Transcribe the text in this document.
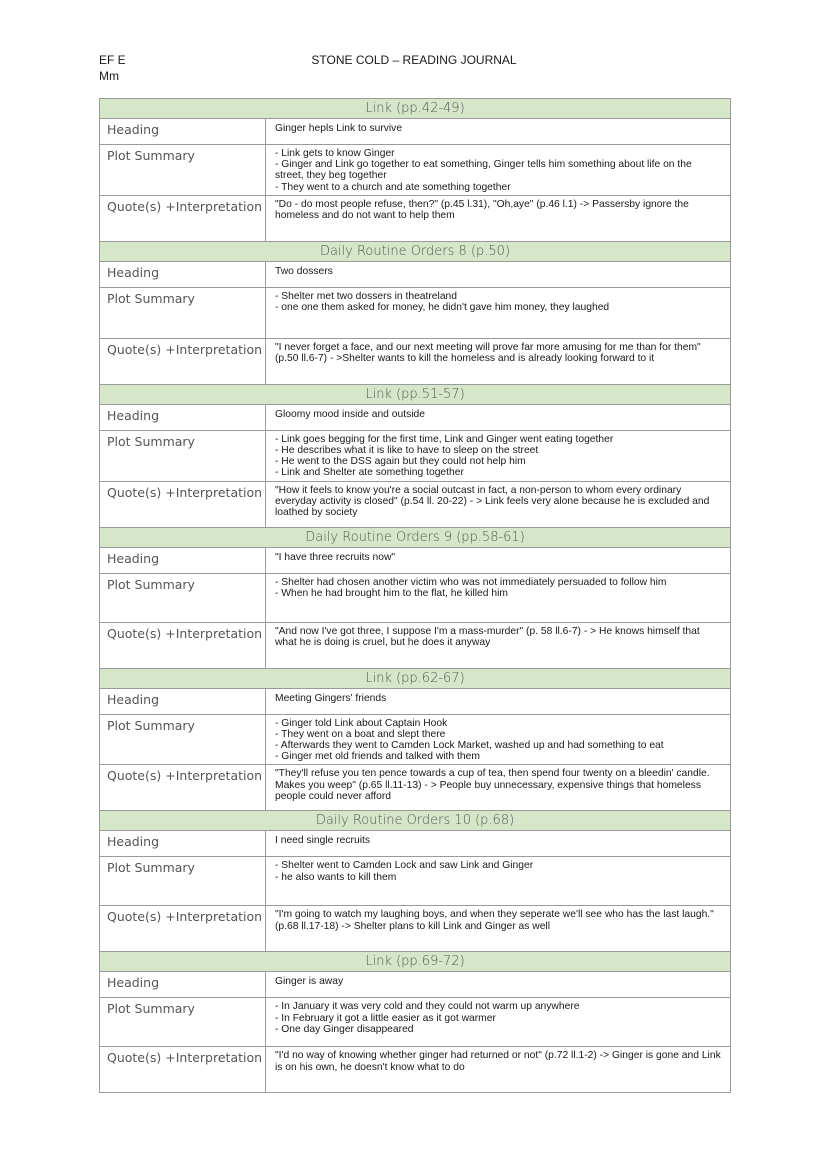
EF E
Mm
STONE COLD – READING JOURNAL
Link (pp.42-49)	
Heading	Ginger hepls Link to survive

Plot Summary	- Link gets to know Ginger
- Ginger and Link go together to eat something, Ginger tells him something about life on the street, they beg together
- They went to a church and ate something together

Quote(s) +Interpretation	"Do - do most people refuse, then?" (p.45 l.31), "Oh,aye" (p.46 l.1) -> Passersby ignore the homeless and do not want to help them

Daily Routine Orders 8 (p.50)	
Heading	Two dossers

Plot Summary	- Shelter met two dossers in theatreland
- one one them asked for money, he didn't gave him money, they laughed

Quote(s) +Interpretation	"I never forget a face, and our next meeting will prove far more amusing for me than for them" (p.50 ll.6-7) - >Shelter wants to kill the homeless and is already looking forward to it

Link (pp.51-57)	
Heading	Gloomy mood inside and outside

Plot Summary	- Link goes begging for the first time, Link and Ginger went eating together
- He describes what it is like to have to sleep on the street
- He went to the DSS again but they could not help him
- Link and Shelter ate something together

Quote(s) +Interpretation	"How it feels to know you're a social outcast in fact, a non-person to whom every ordinary everyday activity is closed" (p.54 ll. 20-22) - > Link feels very alone because he is excluded and loathed by society

Daily Routine Orders 9 (pp.58-61)	
Heading	"I have three recruits now"

Plot Summary	- Shelter had chosen another victim who was not immediately persuaded to follow him
- When he had brought him to the flat, he killed him

Quote(s) +Interpretation	"And now I've got three, I suppose I'm a mass-murder" (p. 58 ll.6-7) - > He knows himself that what he is doing is cruel, but he does it anyway

Link (pp.62-67)	
Heading	Meeting Gingers' friends

Plot Summary	- Ginger told Link about Captain Hook
- They went on a boat and slept there
- Afterwards they went to Camden Lock Market, washed up and had something to eat
- Ginger met old friends and talked with them

Quote(s) +Interpretation	"They'll refuse you ten pence towards a cup of tea, then spend four twenty on a bleedin' candle. Makes you weep" (p.65 ll.11-13) - > People buy unnecessary, expensive things that homeless people could never afford

Daily Routine Orders 10 (p.68)	
Heading	I need single recruits

Plot Summary	- Shelter went to Camden Lock and saw Link and Ginger
- he also wants to kill them

Quote(s) +Interpretation	"I'm going to watch my laughing boys, and when they seperate we'll see who has the last laugh." (p.68 ll.17-18) -> Shelter plans to kill Link and Ginger as well

Link (pp.69-72)	
Heading	Ginger is away

Plot Summary	- In January it was very cold and they could not warm up anywhere
- In February it got a little easier as it got warmer
- One day Ginger disappeared

Quote(s) +Interpretation	"I'd no way of knowing whether ginger had returned or not" (p.72 ll.1-2) -> Ginger is gone and Link is on his own, he doesn't know what to do
